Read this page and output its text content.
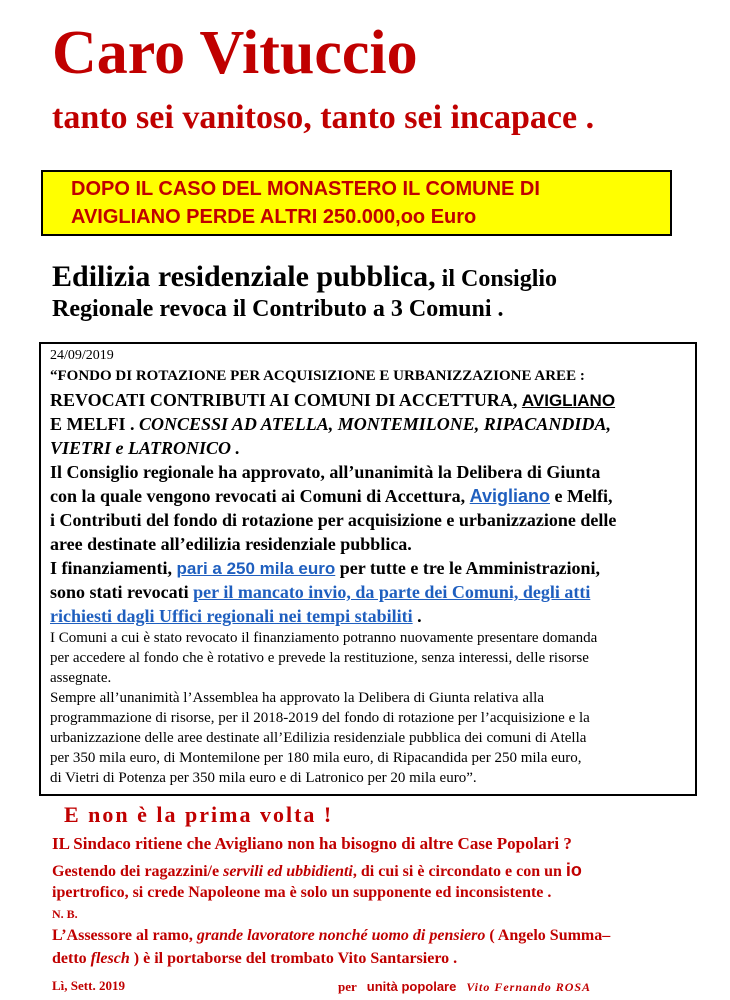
Caro Vituccio
tanto sei vanitoso, tanto sei incapace .
DOPO IL CASO DEL MONASTERO IL COMUNE DI
AVIGLIANO PERDE ALTRI 250.000,oo Euro
Edilizia residenziale pubblica, il Consiglio
Regionale revoca il Contributo a 3 Comuni .
24/09/2019
“FONDO DI ROTAZIONE PER ACQUISIZIONE E URBANIZZAZIONE AREE :
REVOCATI CONTRIBUTI AI COMUNI DI ACCETTURA, AVIGLIANO
E MELFI . CONCESSI AD ATELLA, MONTEMILONE, RIPACANDIDA,
VIETRI e LATRONICO .
Il Consiglio regionale ha approvato, all’unanimità la Delibera di Giunta
con la quale vengono revocati ai Comuni di Accettura, Avigliano e Melfi,
i Contributi del fondo di rotazione per acquisizione e urbanizzazione delle
aree destinate all’edilizia residenziale pubblica.
I finanziamenti, pari a 250 mila euro per tutte e tre le Amministrazioni,
sono stati revocati per il mancato invio, da parte dei Comuni, degli atti
richiesti dagli Uffici regionali nei tempi stabiliti .
I Comuni a cui è stato revocato il finanziamento potranno nuovamente presentare domanda
per accedere al fondo che è rotativo e prevede la restituzione, senza interessi, delle risorse
assegnate.
Sempre all’unanimità l’Assemblea ha approvato la Delibera di Giunta relativa alla
programmazione di risorse, per il 2018-2019 del fondo di rotazione per l’acquisizione e la
urbanizzazione delle aree destinate all’Edilizia residenziale pubblica dei comuni di Atella
per 350 mila euro, di Montemilone per 180 mila euro, di Ripacandida per 250 mila euro,
di Vietri di Potenza per 350 mila euro e di Latronico per 20 mila euro”.
E non è la prima volta !
IL Sindaco ritiene che Avigliano non ha bisogno di altre Case Popolari ?
Gestendo dei ragazzini/e servili ed ubbidienti, di cui si è circondato e con un io
ipertrofico, si crede Napoleone ma è solo un supponente ed inconsistente .
N. B.
L’Assessore al ramo, grande lavoratore nonché uomo di pensiero ( Angelo Summa–
detto flesch ) è il portaborse del trombato Vito Santarsiero .
Lì, Sett. 2019	per unità popolare Vito Fernando ROSA
